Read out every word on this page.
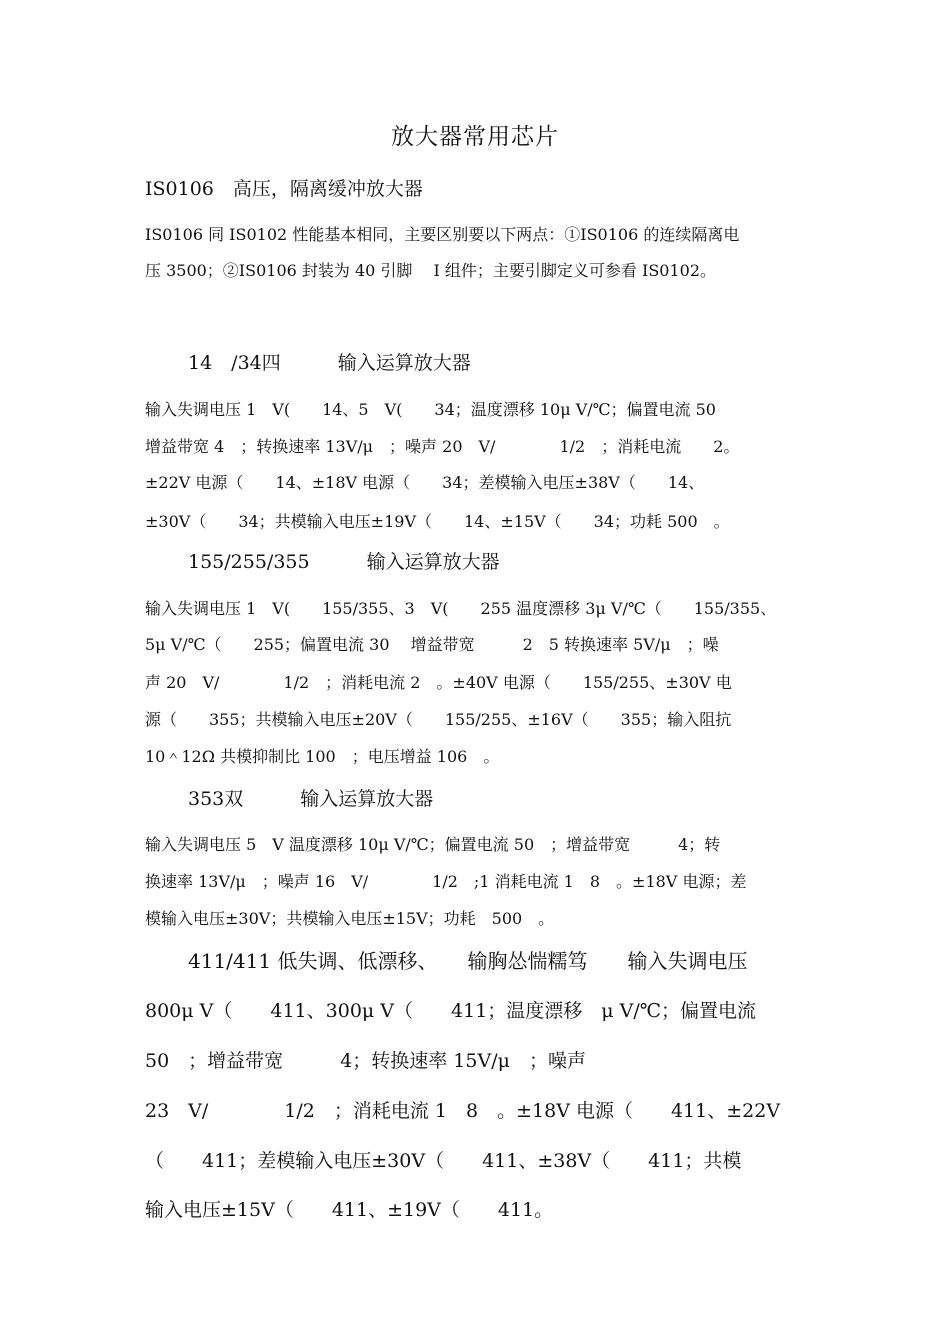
放大器常用芯片
IS0106　高压，隔离缓冲放大器
IS0106 同 IS0102 性能基本相同，主要区别要以下两点：①IS0106 的连续隔离电
压 3500；②IS0106 封装为 40 引脚　 I 组件；主要引脚定义可参看 IS0102。
14　/34四　　　输入运算放大器
输入失调电压 1　V(　　14、5　V(　　34；温度漂移 10μ V/℃；偏置电流 50
增益带宽 4　；转换速率 13V/μ　；噪声 20　V/　　　　1/2　；消耗电流　　2。
±22V 电源（　　14、±18V 电源（　　34；差模输入电压±38V（　　14、
±30V（　　34；共模输入电压±19V（　　14、±15V（　　34；功耗 500　。
155/255/355　　　输入运算放大器
输入失调电压 1　V(　　155/355、3　V(　　255 温度漂移 3μ V/℃（　　155/355、
5μ V/℃（　　255；偏置电流 30　 增益带宽　　　2　5 转换速率 5V/μ　；噪
声 20　V/　　　　1/2　；消耗电流 2　。±40V 电源（　　155/255、±30V 电
源（　　355；共模输入电压±20V（　　155/255、±16V（　　355；输入阻抗
10＾12Ω 共模抑制比 100　；电压增益 106　。
353双　　　输入运算放大器
输入失调电压 5　V 温度漂移 10μ V/℃；偏置电流 50　；增益带宽　　　4；转
换速率 13V/μ　；噪声 16　V/　　　　1/2　;1 消耗电流 1　8　。±18V 电源；差
模输入电压±30V；共模输入电压±15V；功耗　500　。
411/411 低失调、低漂移、　　输胸怂惴糯笃　　输入失调电压
800μ V（　　411、300μ V（　　411；温度漂移　μ V/℃；偏置电流
50　；增益带宽　　　4；转换速率 15V/μ　；噪声
23　V/　　　　1/2　；消耗电流 1　8　。±18V 电源（　　411、±22V
（　　411；差模输入电压±30V（　　411、±38V（　　411；共模
输入电压±15V（　　411、±19V（　　411。
